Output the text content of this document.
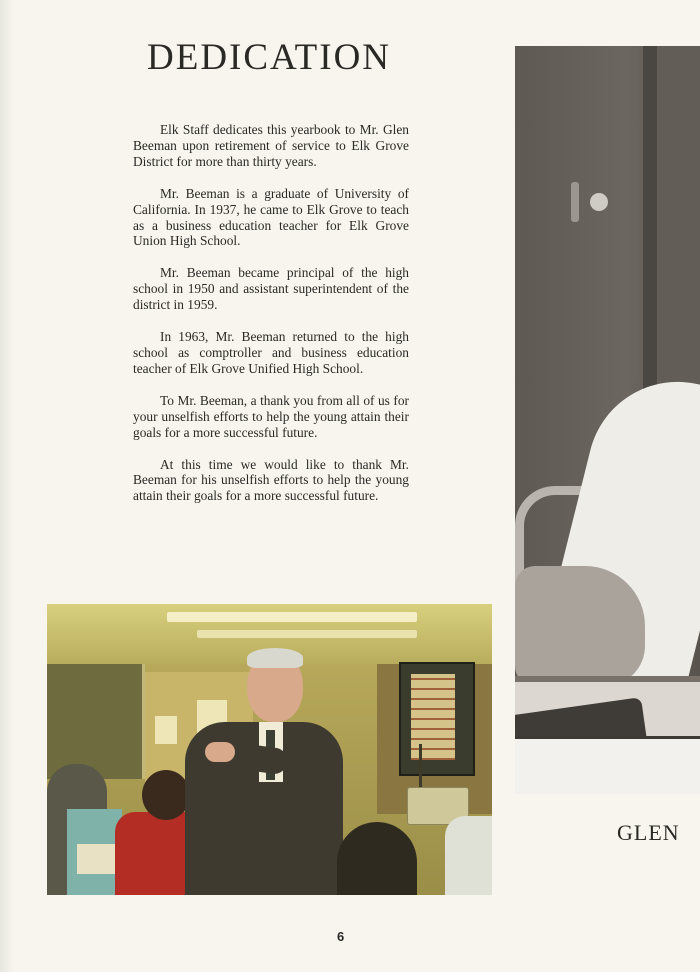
DEDICATION

Elk Staff dedicates this yearbook to Mr. Glen Beeman upon retirement of service to Elk Grove District for more than thirty years.

Mr. Beeman is a graduate of University of California. In 1937, he came to Elk Grove to teach as a business education teacher for Elk Grove Union High School.

Mr. Beeman became principal of the high school in 1950 and assistant superintendent of the district in 1959.

In 1963, Mr. Beeman returned to the high school as comptroller and business education teacher of Elk Grove Unified High School.

To Mr. Beeman, a thank you from all of us for your unselfish efforts to help the young attain their goals for a more successful future.

At this time we would like to thank Mr. Beeman for his unselfish efforts to help the young attain their goals for a more successful future.

GLEN
6
